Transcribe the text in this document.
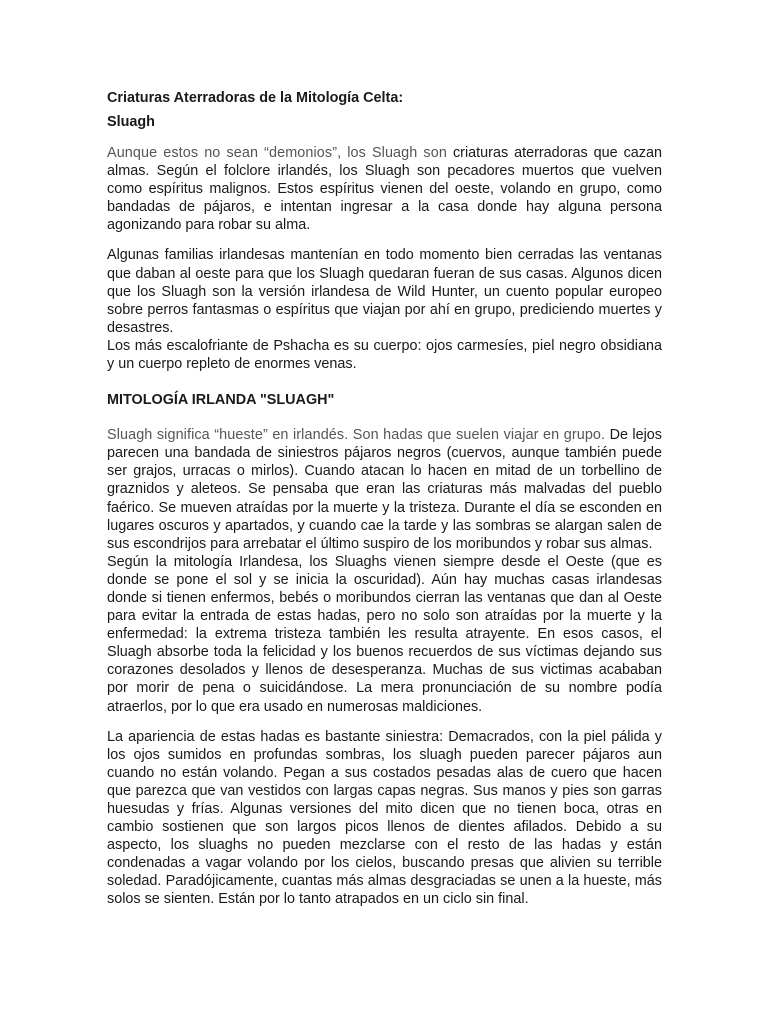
Criaturas Aterradoras de la Mitología Celta:

Sluagh

Aunque estos no sean “demonios”, los Sluagh son criaturas aterradoras que cazan almas. Según el folclore irlandés, los Sluagh son pecadores muertos que vuelven como espíritus malignos. Estos espíritus vienen del oeste, volando en grupo, como bandadas de pájaros, e intentan ingresar a la casa donde hay alguna persona agonizando para robar su alma.

Algunas familias irlandesas mantenían en todo momento bien cerradas las ventanas que daban al oeste para que los Sluagh quedaran fueran de sus casas. Algunos dicen que los Sluagh son la versión irlandesa de Wild Hunter, un cuento popular europeo sobre perros fantasmas o espíritus que viajan por ahí en grupo, prediciendo muertes y desastres.

Los más escalofriante de Pshacha es su cuerpo: ojos carmesíes, piel negro obsidiana y un cuerpo repleto de enormes venas.

MITOLOGÍA IRLANDA "SLUAGH"

Sluagh significa “hueste” en irlandés. Son hadas que suelen viajar en grupo. De lejos parecen una bandada de siniestros pájaros negros (cuervos, aunque también puede ser grajos, urracas o mirlos). Cuando atacan lo hacen en mitad de un torbellino de graznidos y aleteos. Se pensaba que eran las criaturas más malvadas del pueblo faérico. Se mueven atraídas por la muerte y la tristeza. Durante el día se esconden en lugares oscuros y apartados, y cuando cae la tarde y las sombras se alargan salen de sus escondrijos para arrebatar el último suspiro de los moribundos y robar sus almas.

Según la mitología Irlandesa, los Sluaghs vienen siempre desde el Oeste (que es donde se pone el sol y se inicia la oscuridad). Aún hay muchas casas irlandesas donde si tienen enfermos, bebés o moribundos cierran las ventanas que dan al Oeste para evitar la entrada de estas hadas, pero no solo son atraídas por la muerte y la enfermedad: la extrema tristeza también les resulta atrayente. En esos casos, el Sluagh absorbe toda la felicidad y los buenos recuerdos de sus víctimas dejando sus corazones desolados y llenos de desesperanza. Muchas de sus victimas acababan por morir de pena o suicidándose. La mera pronunciación de su nombre podía atraerlos, por lo que era usado en numerosas maldiciones.

La apariencia de estas hadas es bastante siniestra: Demacrados, con la piel pálida y los ojos sumidos en profundas sombras, los sluagh pueden parecer pájaros aun cuando no están volando. Pegan a sus costados pesadas alas de cuero que hacen que parezca que van vestidos con largas capas negras. Sus manos y pies son garras huesudas y frías. Algunas versiones del mito dicen que no tienen boca, otras en cambio sostienen que son largos picos llenos de dientes afilados. Debido a su aspecto, los sluaghs no pueden mezclarse con el resto de las hadas y están condenadas a vagar volando por los cielos, buscando presas que alivien su terrible soledad. Paradójicamente, cuantas más almas desgraciadas se unen a la hueste, más solos se sienten. Están por lo tanto atrapados en un ciclo sin final.
